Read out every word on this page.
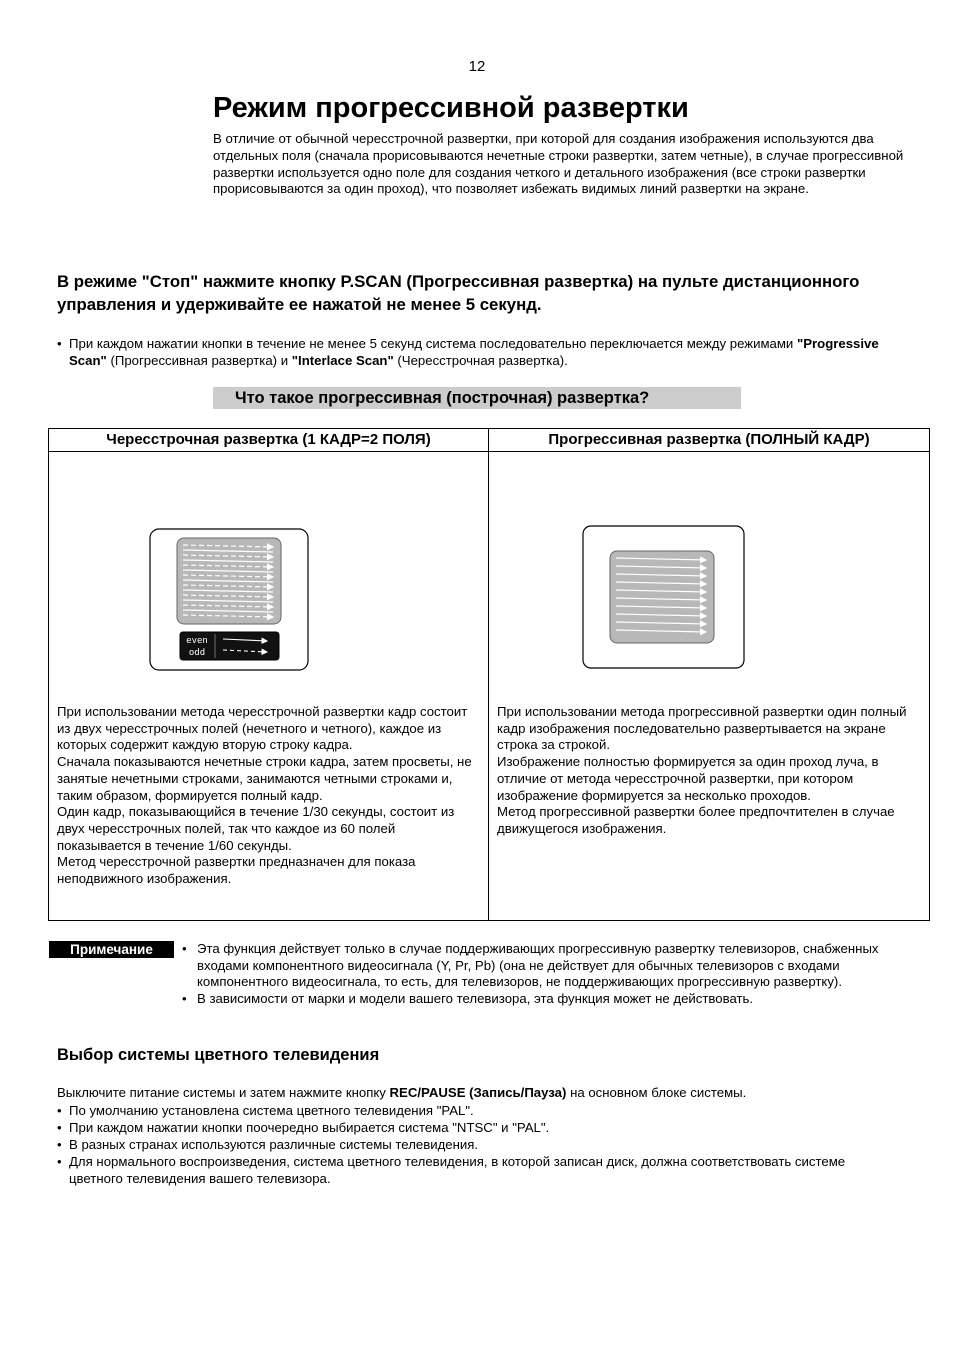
12
Режим прогрессивной развертки
В отличие от обычной чересстрочной развертки, при которой для создания изображения используются два отдельных поля (сначала прорисовываются нечетные строки развертки, затем четные), в случае прогрессивной развертки используется одно поле для создания четкого и детального изображения (все строки развертки прорисовываются за один проход), что позволяет избежать видимых линий развертки на экране.
В режиме "Стоп" нажмите кнопку P.SCAN (Прогрессивная развертка) на пульте дистанционного управления и удерживайте ее нажатой не менее 5 секунд.
• При каждом нажатии кнопки в течение не менее 5 секунд система последовательно переключается между режимами "Progressive Scan" (Прогрессивная развертка) и "Interlace Scan" (Чересстрочная развертка).
Что такое прогрессивная (построчная) развертка?
Чересстрочная развертка (1 КАДР=2 ПОЛЯ)	Прогрессивная развертка (ПОЛНЫЙ КАДР)
even
odd
При использовании метода чересстрочной развертки кадр состоит из двух чересстрочных полей (нечетного и четного), каждое из которых содержит каждую вторую строку кадра.
Сначала показываются нечетные строки кадра, затем просветы, не занятые нечетными строками, занимаются четными строками и, таким образом, формируется полный кадр.
Один кадр, показывающийся в течение 1/30 секунды, состоит из двух чересстрочных полей, так что каждое из 60 полей показывается в течение 1/60 секунды.
Метод чересстрочной развертки предназначен для показа неподвижного изображения.
При использовании метода прогрессивной развертки один полный кадр изображения последовательно развертывается на экране строка за строкой.
Изображение полностью формируется за один проход луча, в отличие от метода чересстрочной развертки, при котором изображение формируется за несколько проходов.
Метод прогрессивной развертки более предпочтителен в случае движущегося изображения.
Примечание	• Эта функция действует только в случае поддерживающих прогрессивную развертку телевизоров, снабженных входами компонентного видеосигнала (Y, Pr, Pb) (она не действует для обычных телевизоров с входами компонентного видеосигнала, то есть, для телевизоров, не поддерживающих прогрессивную развертку).
• В зависимости от марки и модели вашего телевизора, эта функция может не действовать.
Выбор системы цветного телевидения
Выключите питание системы и затем нажмите кнопку REC/PAUSE (Запись/Пауза) на основном блоке системы.
• По умолчанию установлена система цветного телевидения "PAL".
• При каждом нажатии кнопки поочередно выбирается система "NTSC" и "PAL".
• В разных странах используются различные системы телевидения.
• Для нормального воспроизведения, система цветного телевидения, в которой записан диск, должна соответствовать системе цветного телевидения вашего телевизора.
